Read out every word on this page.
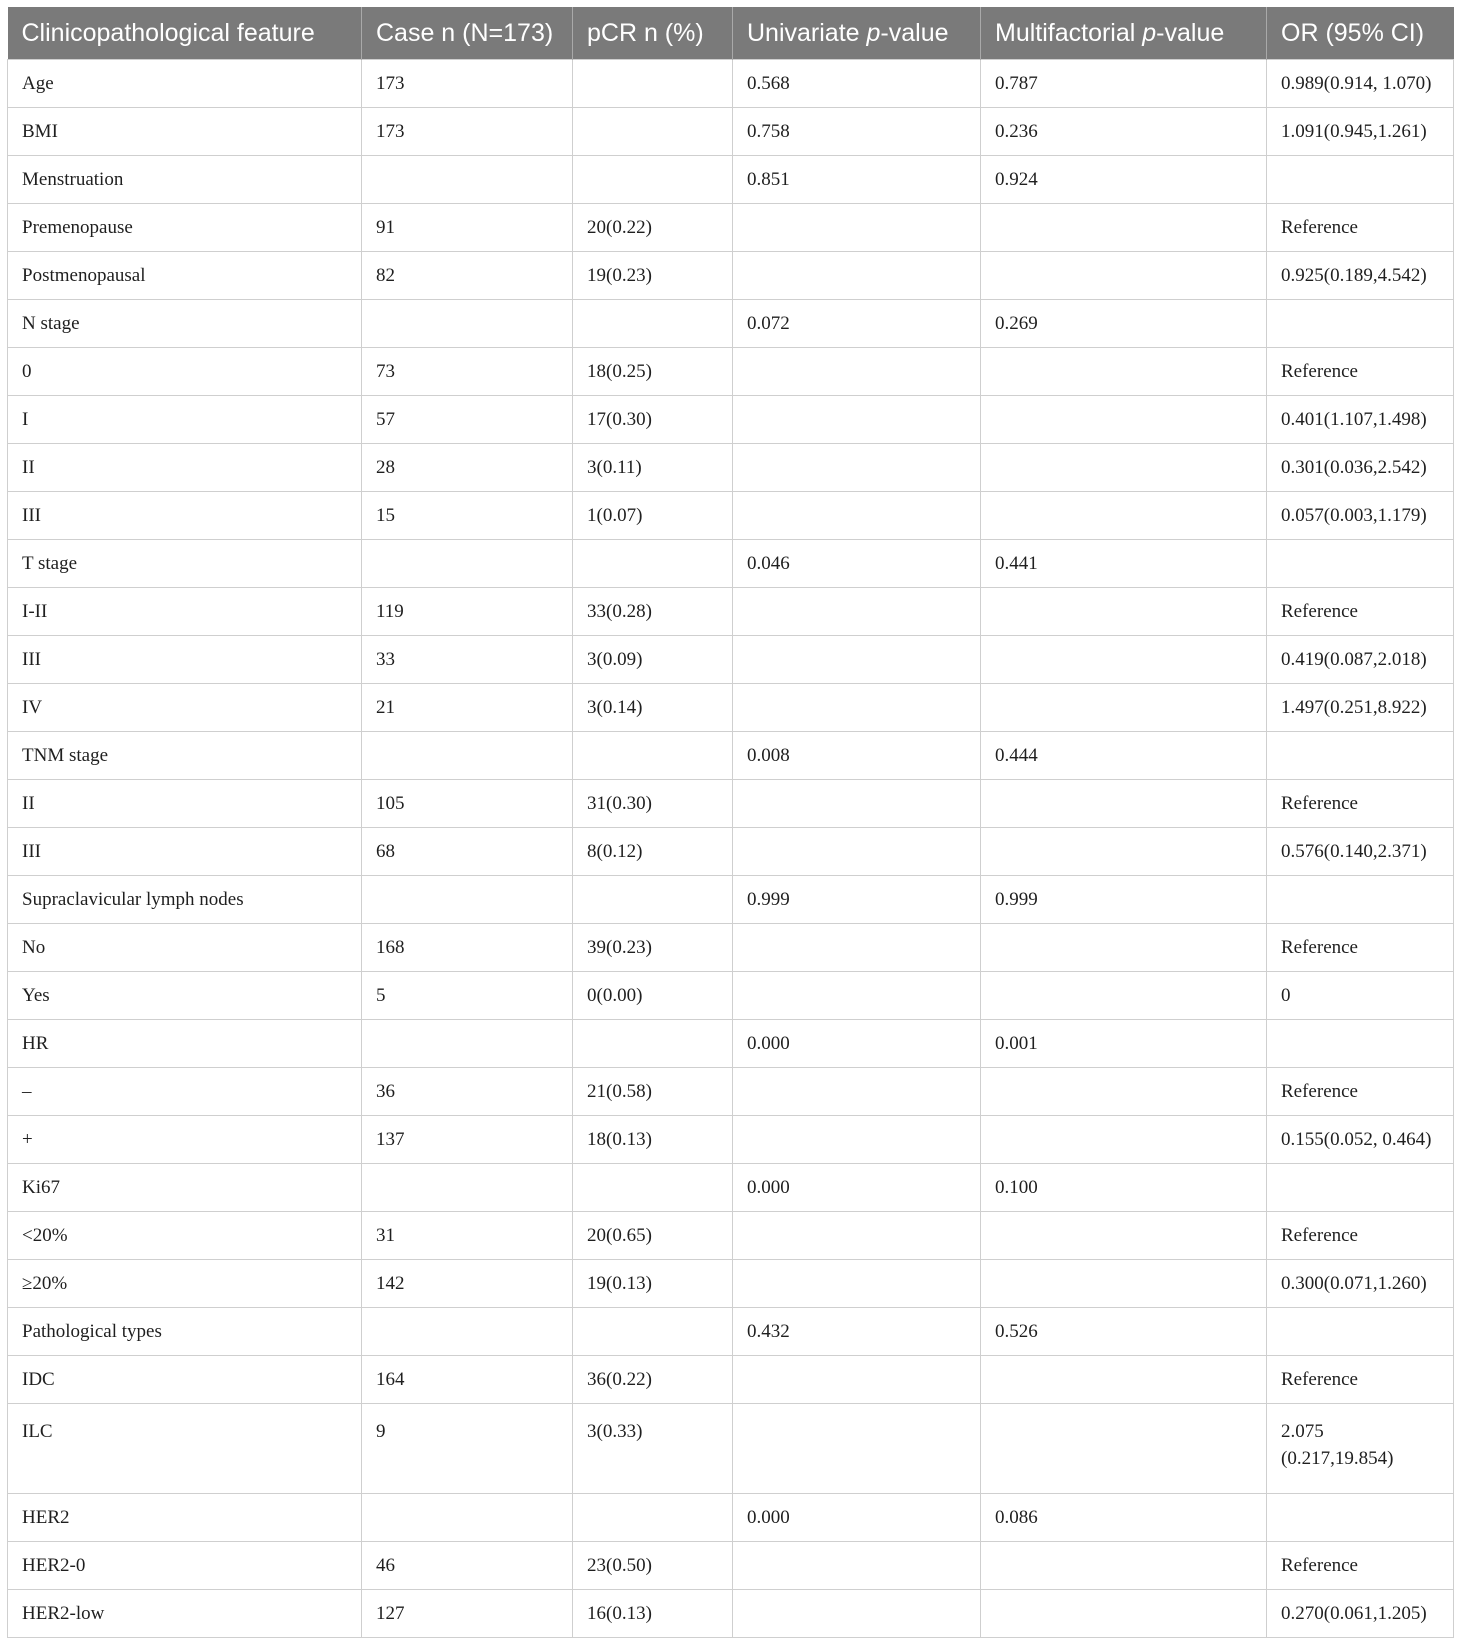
Clinicopathological feature	Case n (N=173)	pCR n (%)	Univariate p-value	Multifactorial p-value	OR (95% CI)
Age	173		0.568	0.787	0.989(0.914, 1.070)
BMI	173		0.758	0.236	1.091(0.945,1.261)
Menstruation			0.851	0.924	
Premenopause	91	20(0.22)			Reference
Postmenopausal	82	19(0.23)			0.925(0.189,4.542)
N stage			0.072	0.269	
0	73	18(0.25)			Reference
I	57	17(0.30)			0.401(1.107,1.498)
II	28	3(0.11)			0.301(0.036,2.542)
III	15	1(0.07)			0.057(0.003,1.179)
T stage			0.046	0.441	
I-II	119	33(0.28)			Reference
III	33	3(0.09)			0.419(0.087,2.018)
IV	21	3(0.14)			1.497(0.251,8.922)
TNM stage			0.008	0.444	
II	105	31(0.30)			Reference
III	68	8(0.12)			0.576(0.140,2.371)
Supraclavicular lymph nodes			0.999	0.999	
No	168	39(0.23)			Reference
Yes	5	0(0.00)			0
HR			0.000	0.001	
–	36	21(0.58)			Reference
+	137	18(0.13)			0.155(0.052, 0.464)
Ki67			0.000	0.100	
<20%	31	20(0.65)			Reference
≥20%	142	19(0.13)			0.300(0.071,1.260)
Pathological types			0.432	0.526	
IDC	164	36(0.22)			Reference
ILC	9	3(0.33)			2.075
(0.217,19.854)

HER2			0.000	0.086	
HER2-0	46	23(0.50)			Reference
HER2-low	127	16(0.13)			0.270(0.061,1.205)
